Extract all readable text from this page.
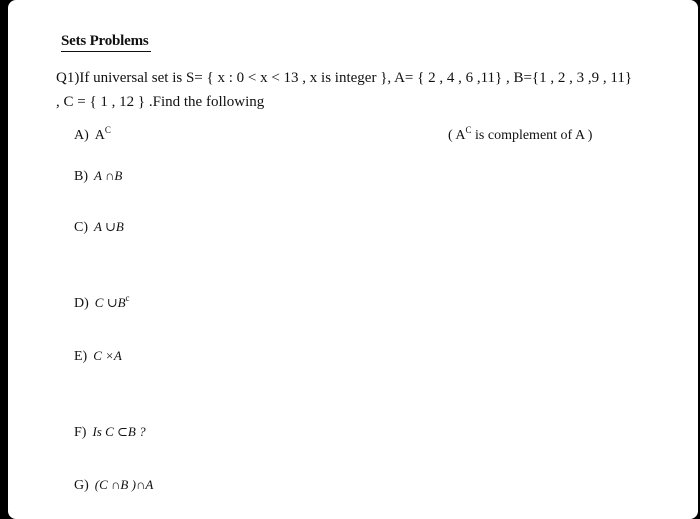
Sets Problems
Q1)If universal set is S= { x : 0 < x < 13 , x is integer }, A= { 2 , 4 , 6 ,11} , B={1 , 2 , 3 ,9 , 11}
, C = { 1 , 12 } .Find the following
A) $A^C$	( $A^C$ is complement of A )
B) A ∩B
C) A ∪B
D) C $\cup B^c$
E) C ×A
F) Is C ⊂B ?
G) (C ∩B )∩A
